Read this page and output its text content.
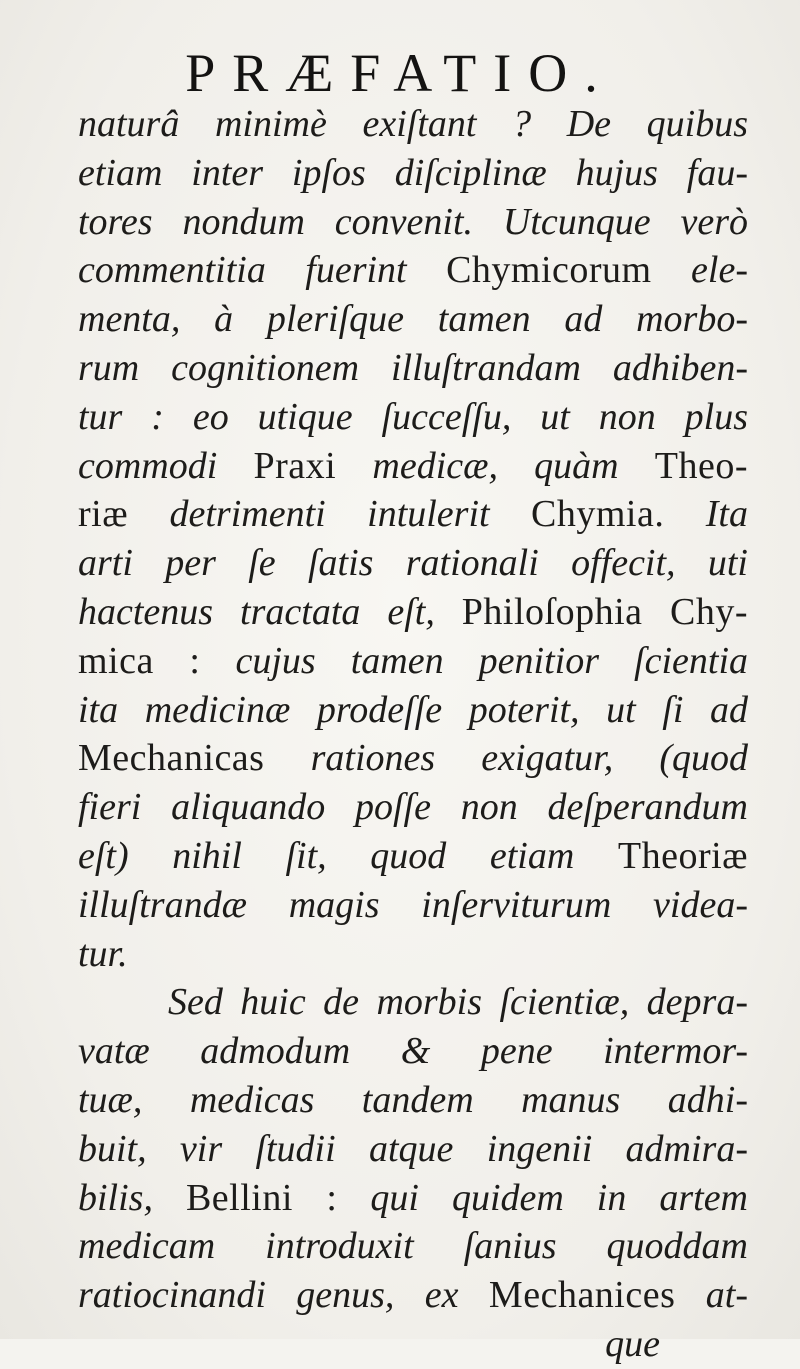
PRÆFATIO.
naturâ minimè exiſtant ? De quibus
etiam inter ipſos diſciplinæ hujus fau-
tores nondum convenit. Utcunque verò
commentitia fuerint Chymicorum ele-
menta, à pleriſque tamen ad morbo-
rum cognitionem illuſtrandam adhiben-
tur : eo utique ſucceſſu, ut non plus
commodi Praxi medicæ, quàm Theo-
riæ detrimenti intulerit Chymia. Ita
arti per ſe ſatis rationali offecit, uti
hactenus tractata eſt, Philoſophia Chy-
mica : cujus tamen penitior ſcientia
ita medicinæ prodeſſe poterit, ut ſi ad
Mechanicas rationes exigatur, (quod
fieri aliquando poſſe non deſperandum
eſt) nihil ſit, quod etiam Theoriæ
illuſtrandæ magis inſerviturum videa-
tur.
Sed huic de morbis ſcientiæ, depra-
vatæ admodum & pene intermor-
tuæ, medicas tandem manus adhi-
buit, vir ſtudii atque ingenii admira-
bilis, Bellini : qui quidem in artem
medicam introduxit ſanius quoddam
ratiocinandi genus, ex Mechanices at-
que
